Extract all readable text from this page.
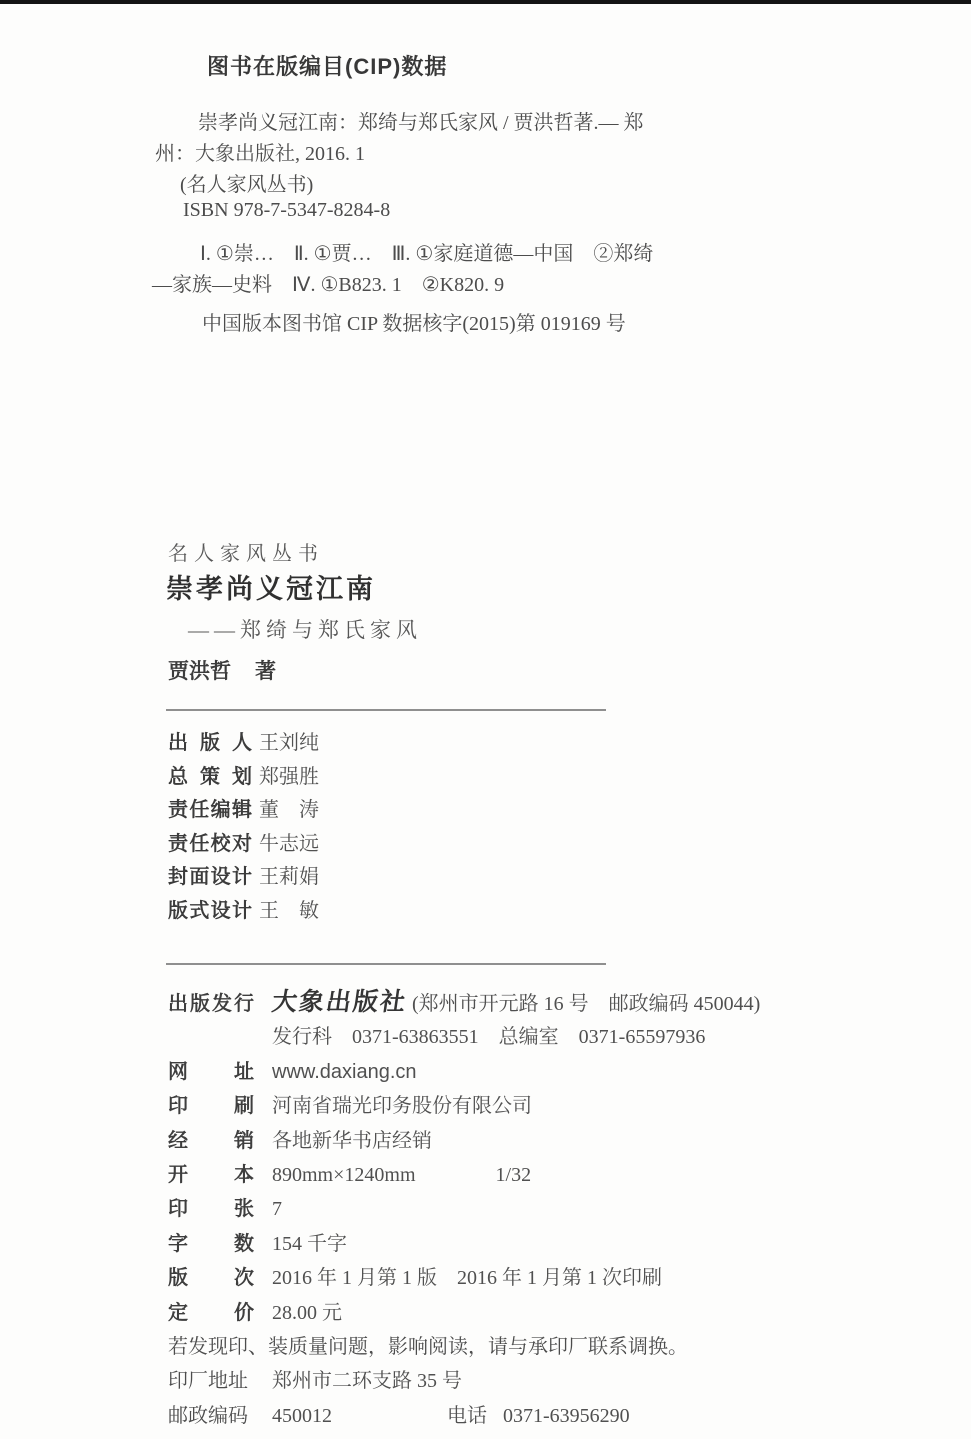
图书在版编目(CIP)数据
崇孝尚义冠江南：郑绮与郑氏家风 / 贾洪哲著.— 郑
州：大象出版社, 2016. 1
(名人家风丛书)
ISBN 978-7-5347-8284-8
Ⅰ. ①崇…　Ⅱ. ①贾…　Ⅲ. ①家庭道德—中国　②郑绮
—家族—史料　Ⅳ. ①B823. 1　②K820. 9
中国版本图书馆 CIP 数据核字(2015)第 019169 号
名人家风丛书
崇孝尚义冠江南
——郑绮与郑氏家风
贾洪哲 著
出版人 王刘纯
总策划 郑强胜
责任编辑 董　涛
责任校对 牛志远
封面设计 王莉娟
版式设计 王　敏
出版发行 大象出版社 (郑州市开元路 16 号　邮政编码 450044)
发行科　0371-63863551　总编室　0371-65597936
网址 www.daxiang.cn
印刷 河南省瑞光印务股份有限公司
经销 各地新华书店经销
开本 890mm×1240mm	1/32
印张 7
字数 154 千字
版次 2016 年 1 月第 1 版　2016 年 1 月第 1 次印刷
定价 28.00 元
若发现印、装质量问题，影响阅读，请与承印厂联系调换。
印厂地址	郑州市二环支路 35 号
邮政编码	450012	电话 0371-63956290
